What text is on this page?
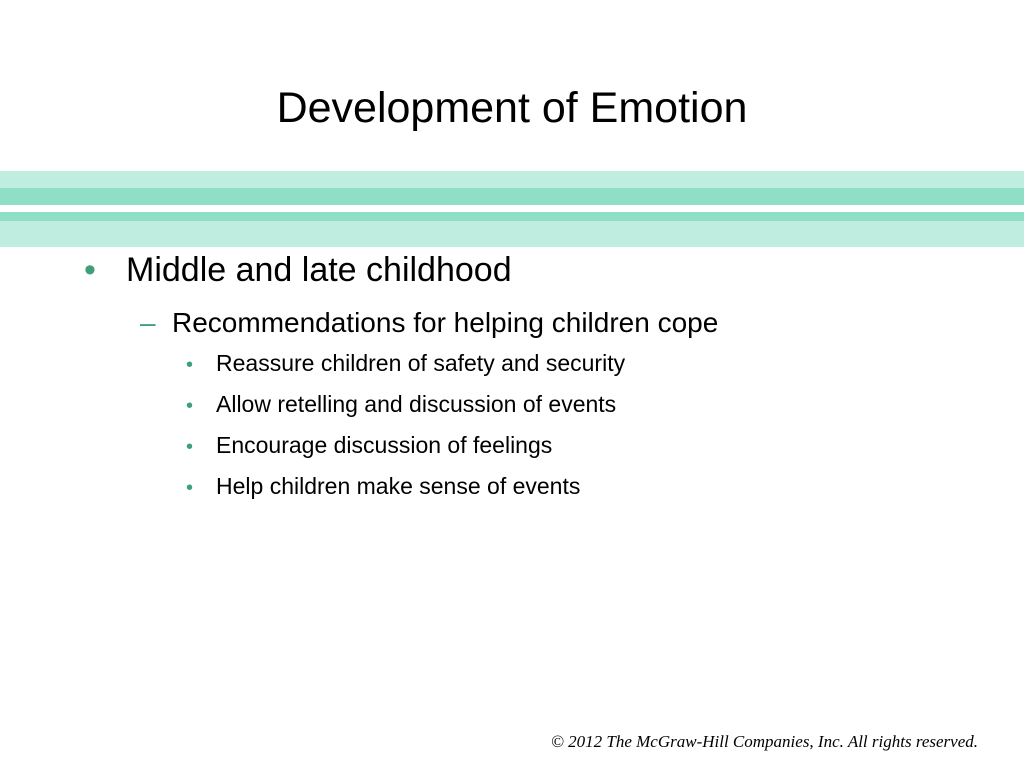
Development of Emotion
• Middle and late childhood
– Recommendations for helping children cope
• Reassure children of safety and security
• Allow retelling and discussion of events
• Encourage discussion of feelings
• Help children make sense of events
© 2012 The McGraw-Hill Companies, Inc. All rights reserved.
